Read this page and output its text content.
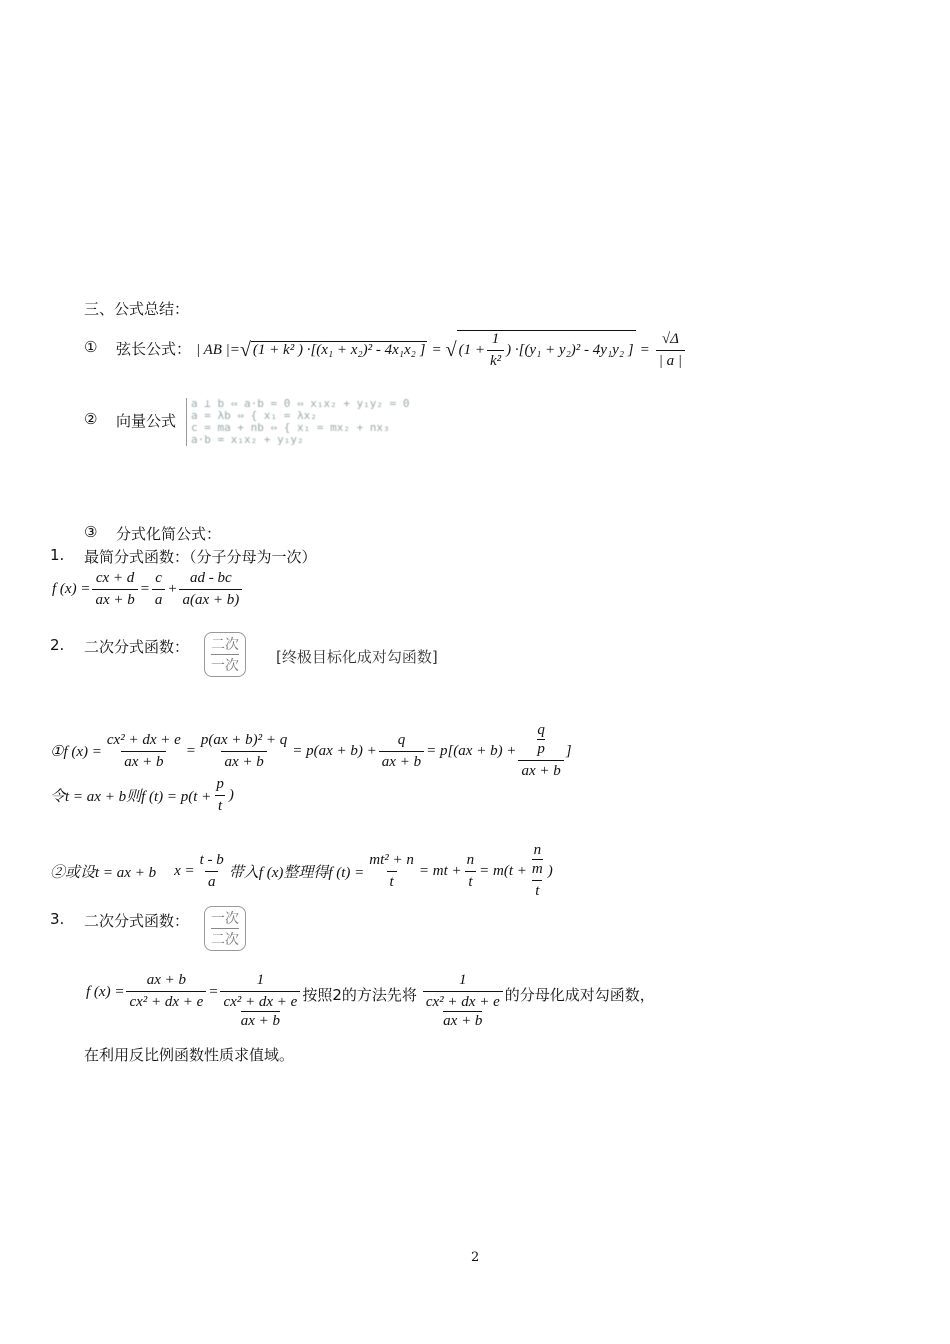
三、公式总结：
① 弦长公式： | AB |= √ (1 + k² ) ·[(x₁ + x₂)² - 4x₁x₂ ] = √ ($1 + \frac{1}{\text{k²}}$ ) ·[(y₁ + y₂)² - 4y₁y₂ ] = $\frac{√\Delta}{| a |}$
② 向量公式
a ⊥ b ⇔ a·b = 0 ⇔ x₁x₂ + y₁y₂ = 0
a = λb ⇔ { x₁ = λx₂
c = ma + nb ⇔ { x₁ = mx₂ + nx₃
a·b = x₁x₂ + y₁y₂
③ 分式化简公式：
1. 最简分式函数：（分子分母为一次）
f $(x) = \frac{cx + d}{ax + b} = \frac{c}{a} + \frac{ad - bc}{a(ax + b)}$
2. 二次分式函数： 二次
一次 [终极目标化成对勾函数]
①f $(x) = \frac{\text{cx² + dx + e}}{ax + b} = \frac{\text{p(ax + b)² + q}}{ax + b} = p(ax + b) + \frac{q}{ax + b} = p[(ax + b) + q$
p
ax + b ]
令t = ax + b则f $(t) = p(t + \frac{p}{t}$ )
②或设t = ax + b $x = \frac{t - b}{a}$ 带入f (x)整理得f $(t) = \frac{\text{mt² + n}}{t}$ = mt + $\frac{n}{t} = m(t + n$
m
t )
3. 二次分式函数： 一次
二次
f $(x) = \frac{ax + b}{\text{cx² + dx + e}} = 1$
cx² + dx + e
ax + b 按照2的方法先将 1
cx² + dx + e
ax + b 的分母化成对勾函数，
在利用反比例函数性质求值域。
2
